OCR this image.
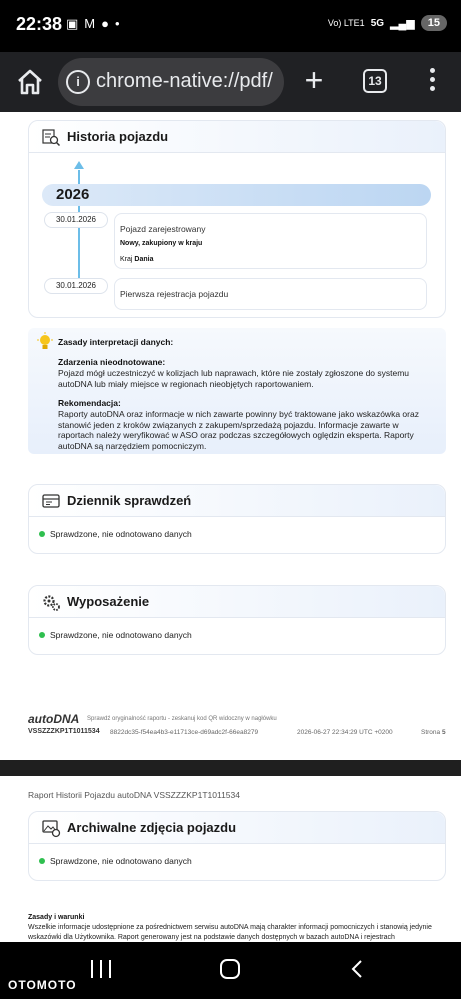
22:38 ▣ M ● •	Vo) LTE1 5G ▂▄▆	15
i chrome-native://pdf/ +	13
Historia pojazdu
2026
30.01.2026
Pojazd zarejestrowany
Nowy, zakupiony w kraju
Kraj Dania
30.01.2026
Pierwsza rejestracja pojazdu
Zasady interpretacji danych:
Zdarzenia nieodnotowane:
Pojazd mógł uczestniczyć w kolizjach lub naprawach, które nie zostały zgłoszone do systemu
autoDNA lub miały miejsce w regionach nieobjętych raportowaniem.
Rekomendacja:
Raporty autoDNA oraz informacje w nich zawarte powinny być traktowane jako wskazówka oraz
stanowić jeden z kroków związanych z zakupem/sprzedażą pojazdu. Informacje zawarte w
raportach należy weryfikować w ASO oraz podczas szczegółowych oględzin eksperta. Raporty
autoDNA są narzędziem pomocniczym.
Dziennik sprawdzeń
Sprawdzone, nie odnotowano danych
Wyposażenie
Sprawdzone, nie odnotowano danych
autoDNA Sprawdź oryginalność raportu - zeskanuj kod QR widoczny w nagłówku
VSSZZZKP1T1011534 8822dc35-f54ea4b3-e11713ce-d69adc2f-66ea8279	2026-06-27 22:34:29 UTC +0200	Strona 5
Raport Historii Pojazdu autoDNA VSSZZZKP1T1011534
Archiwalne zdjęcia pojazdu
Sprawdzone, nie odnotowano danych
Zasady i warunki
Wszelkie informacje udostępnione za pośrednictwem serwisu autoDNA mają charakter informacji pomocniczych i stanowią jedynie
wskazówki dla Użytkownika. Raport generowany jest na podstawie danych dostępnych w bazach autoDNA i rejestrach
OTOMOTO
